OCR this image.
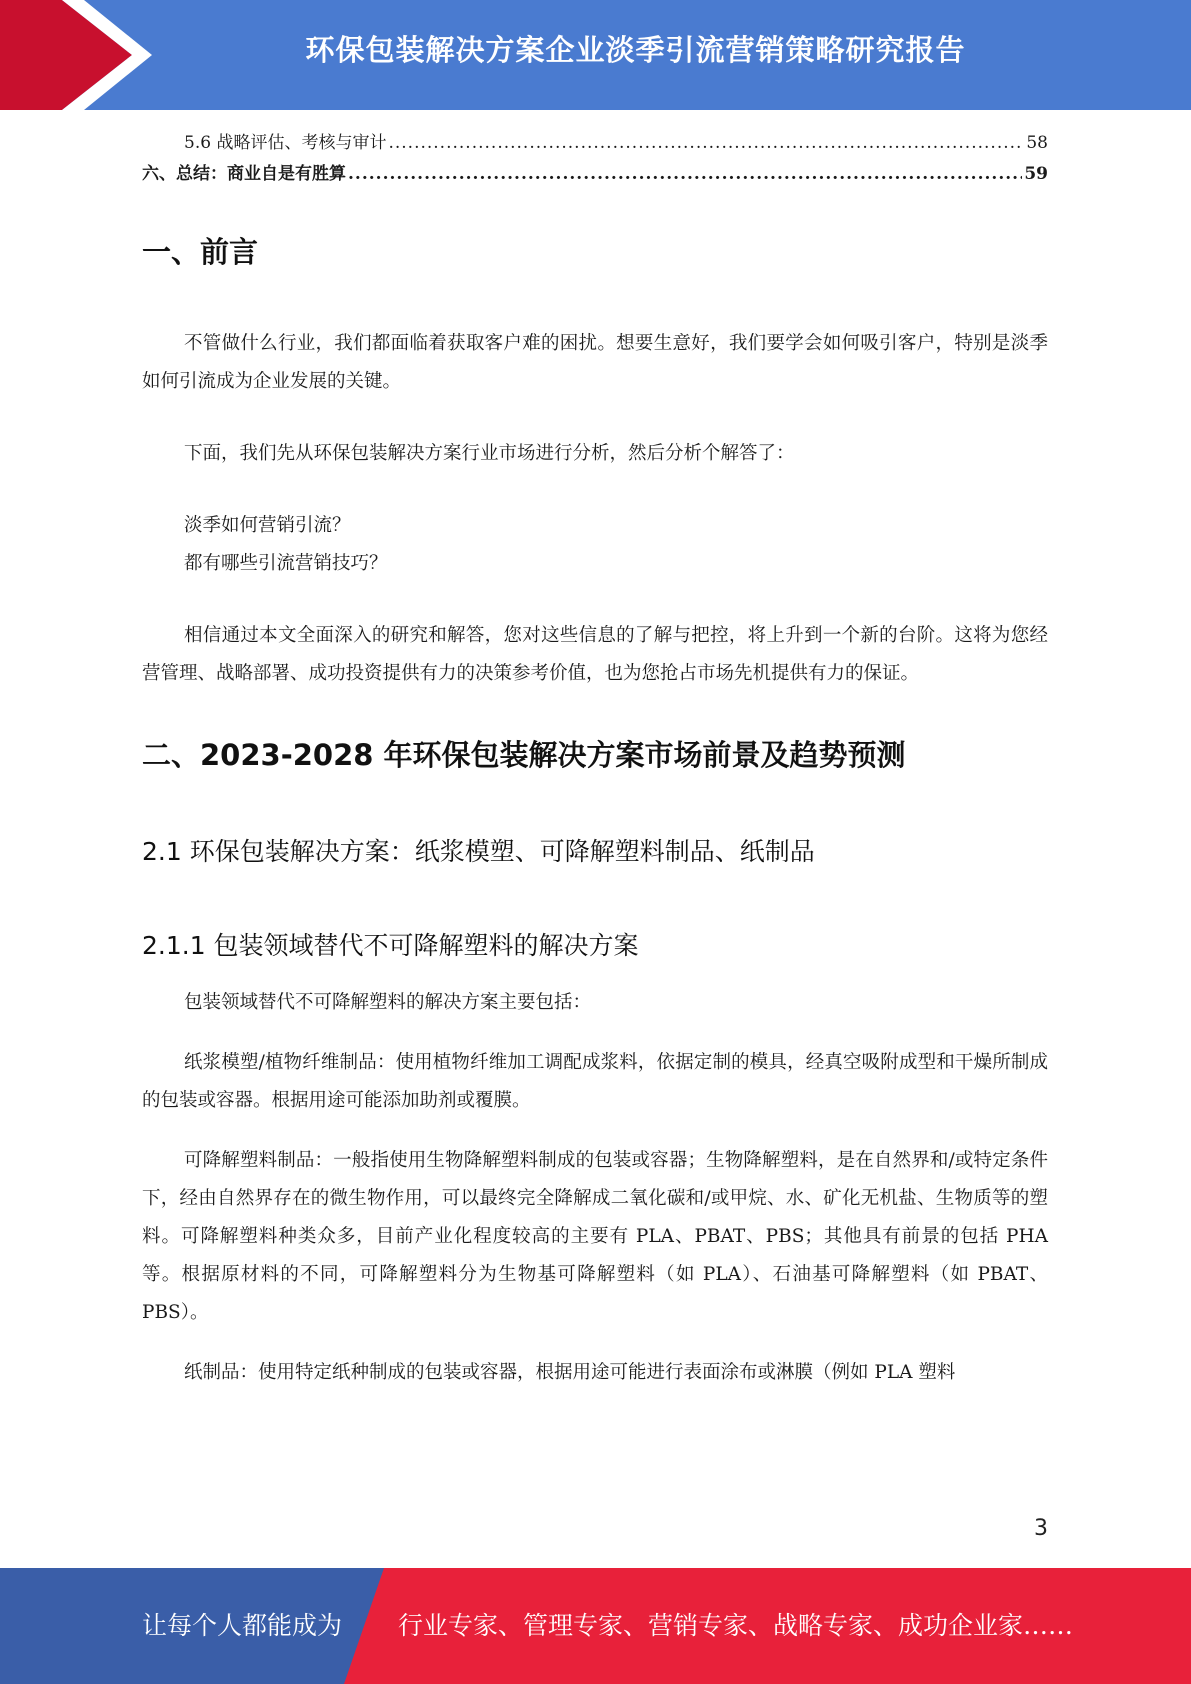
环保包装解决方案企业淡季引流营销策略研究报告
5.6 战略评估、考核与审计 .....	58
六、总结：商业自是有胜算 .....	59
一、前言

不管做什么行业，我们都面临着获取客户难的困扰。想要生意好，我们要学会如何吸引客户，特别是淡季如何引流成为企业发展的关键。

下面，我们先从环保包装解决方案行业市场进行分析，然后分析个解答了：

淡季如何营销引流？

都有哪些引流营销技巧？

相信通过本文全面深入的研究和解答，您对这些信息的了解与把控，将上升到一个新的台阶。这将为您经营管理、战略部署、成功投资提供有力的决策参考价值，也为您抢占市场先机提供有力的保证。

二、2023-2028 年环保包装解决方案市场前景及趋势预测
2.1 环保包装解决方案：纸浆模塑、可降解塑料制品、纸制品
2.1.1 包装领域替代不可降解塑料的解决方案

包装领域替代不可降解塑料的解决方案主要包括：

纸浆模塑/植物纤维制品：使用植物纤维加工调配成浆料，依据定制的模具，经真空吸附成型和干燥所制成的包装或容器。根据用途可能添加助剂或覆膜。

可降解塑料制品：一般指使用生物降解塑料制成的包装或容器；生物降解塑料，是在自然界和/或特定条件下，经由自然界存在的微生物作用，可以最终完全降解成二氧化碳和/或甲烷、水、矿化无机盐、生物质等的塑料。可降解塑料种类众多，目前产业化程度较高的主要有 PLA、PBAT、PBS；其他具有前景的包括 PHA 等。根据原材料的不同，可降解塑料分为生物基可降解塑料（如 PLA）、石油基可降解塑料（如 PBAT、PBS）。

纸制品：使用特定纸种制成的包装或容器，根据用途可能进行表面涂布或淋膜（例如 PLA 塑料

3
让每个人都能成为 行业专家、管理专家、营销专家、战略专家、成功企业家……
